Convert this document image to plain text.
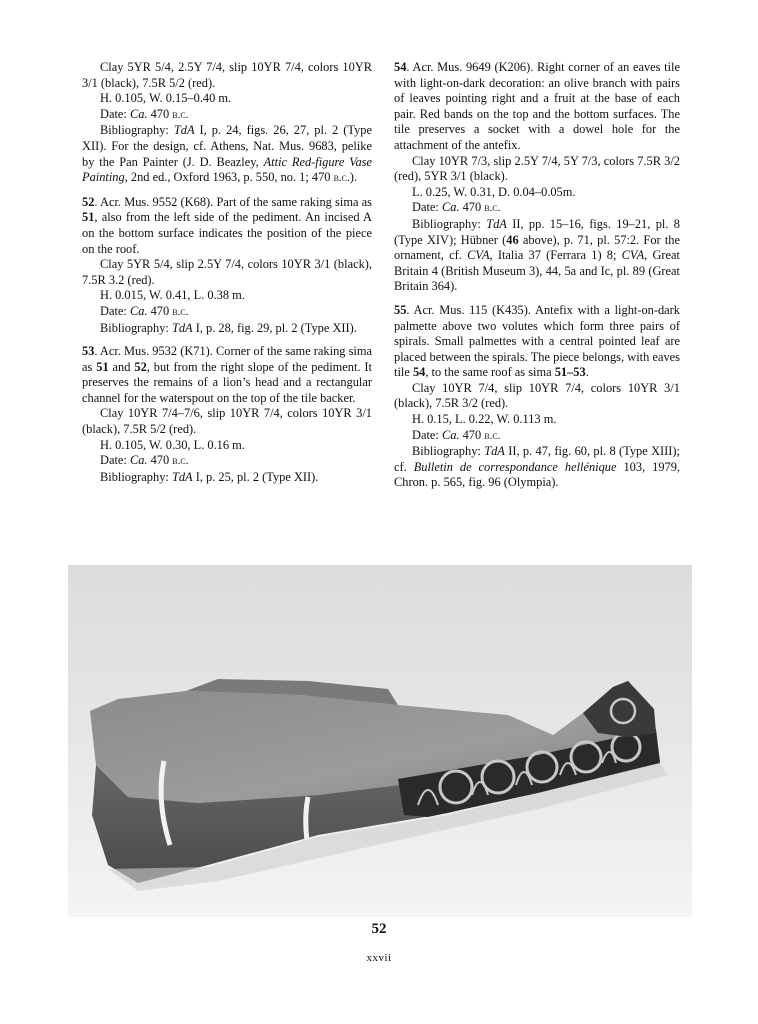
Clay 5YR 5/4, 2.5Y 7/4, slip 10YR 7/4, colors 10YR 3/1 (black), 7.5R 5/2 (red).

H. 0.105, W. 0.15–0.40 m.

Date: Ca. 470 b.c.

Bibliography: TdA I, p. 24, figs. 26, 27, pl. 2 (Type XII). For the design, cf. Athens, Nat. Mus. 9683, pelike by the Pan Painter (J. D. Beazley, Attic Red-figure Vase Painting, 2nd ed., Oxford 1963, p. 550, no. 1; 470 b.c.).

52. Acr. Mus. 9552 (K68). Part of the same raking sima as 51, also from the left side of the pediment. An incised A on the bottom surface indicates the position of the piece on the roof.

Clay 5YR 5/4, slip 2.5Y 7/4, colors 10YR 3/1 (black), 7.5R 3.2 (red).

H. 0.015, W. 0.41, L. 0.38 m.

Date: Ca. 470 b.c.

Bibliography: TdA I, p. 28, fig. 29, pl. 2 (Type XII).

53. Acr. Mus. 9532 (K71). Corner of the same raking sima as 51 and 52, but from the right slope of the pediment. It preserves the remains of a lion’s head and a rectangular channel for the waterspout on the top of the tile backer.

Clay 10YR 7/4–7/6, slip 10YR 7/4, colors 10YR 3/1 (black), 7.5R 5/2 (red).

H. 0.105, W. 0.30, L. 0.16 m.

Date: Ca. 470 b.c.

Bibliography: TdA I, p. 25, pl. 2 (Type XII).

54. Acr. Mus. 9649 (K206). Right corner of an eaves tile with light-on-dark decoration: an olive branch with pairs of leaves pointing right and a fruit at the base of each pair. Red bands on the top and the bottom surfaces. The tile preserves a socket with a dowel hole for the attachment of the antefix.

Clay 10YR 7/3, slip 2.5Y 7/4, 5Y 7/3, colors 7.5R 3/2 (red), 5YR 3/1 (black).

L. 0.25, W. 0.31, D. 0.04–0.05m.

Date: Ca. 470 b.c.

Bibliography: TdA II, pp. 15–16, figs. 19–21, pl. 8 (Type XIV); Hübner (46 above), p. 71, pl. 57:2. For the ornament, cf. CVA, Italia 37 (Ferrara 1) 8; CVA, Great Britain 4 (British Museum 3), 44, 5a and Ic, pl. 89 (Great Britain 364).

55. Acr. Mus. 115 (K435). Antefix with a light-on-dark palmette above two volutes which form three pairs of spirals. Small palmettes with a central pointed leaf are placed between the spirals. The piece belongs, with eaves tile 54, to the same roof as sima 51–53.

Clay 10YR 7/4, slip 10YR 7/4, colors 10YR 3/1 (black), 7.5R 3/2 (red).

H. 0.15, L. 0.22, W. 0.113 m.

Date: Ca. 470 b.c.

Bibliography: TdA II, p. 47, fig. 60, pl. 8 (Type XIII); cf. Bulletin de correspondance hellénique 103, 1979, Chron. p. 565, fig. 96 (Olympia).

52
xxvii
